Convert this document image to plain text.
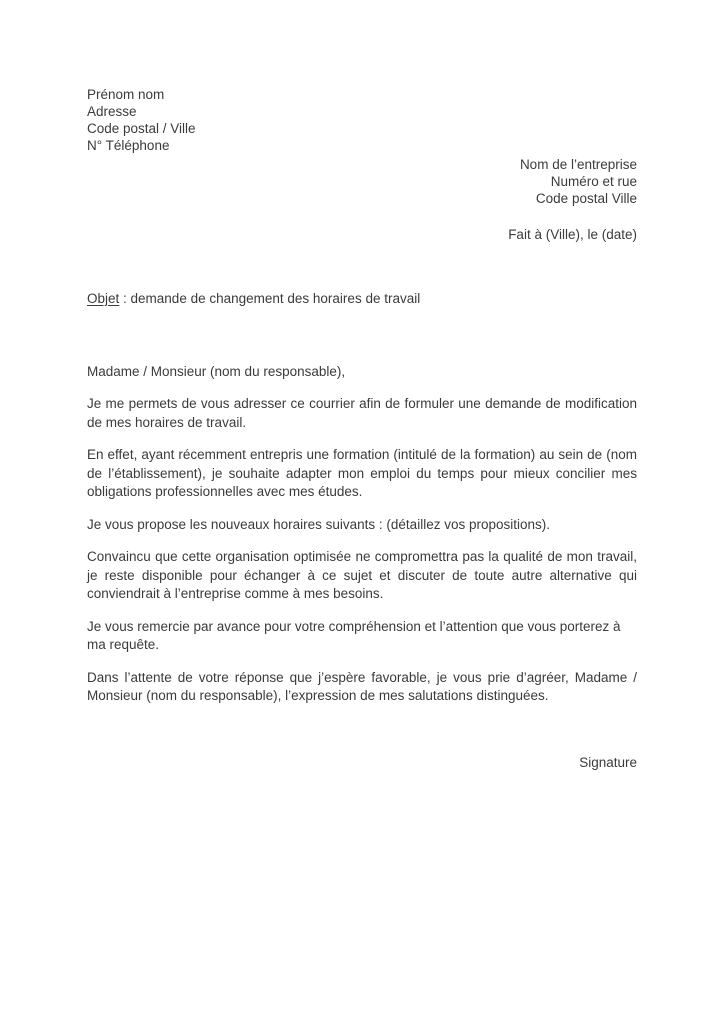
Prénom nom
Adresse
Code postal / Ville
N° Téléphone
Nom de l’entreprise
Numéro et rue
Code postal Ville
Fait à (Ville), le (date)
Objet : demande de changement des horaires de travail
Madame / Monsieur (nom du responsable),

Je me permets de vous adresser ce courrier afin de formuler une demande de modification de mes horaires de travail.

En effet, ayant récemment entrepris une formation (intitulé de la formation) au sein de (nom de l’établissement), je souhaite adapter mon emploi du temps pour mieux concilier mes obligations professionnelles avec mes études.

Je vous propose les nouveaux horaires suivants : (détaillez vos propositions).

Convaincu que cette organisation optimisée ne compromettra pas la qualité de mon travail, je reste disponible pour échanger à ce sujet et discuter de toute autre alternative qui conviendrait à l’entreprise comme à mes besoins.

Je vous remercie par avance pour votre compréhension et l’attention que vous porterez à ma requête.

Dans l’attente de votre réponse que j’espère favorable, je vous prie d’agréer, Madame / Monsieur (nom du responsable), l’expression de mes salutations distinguées.

Signature
